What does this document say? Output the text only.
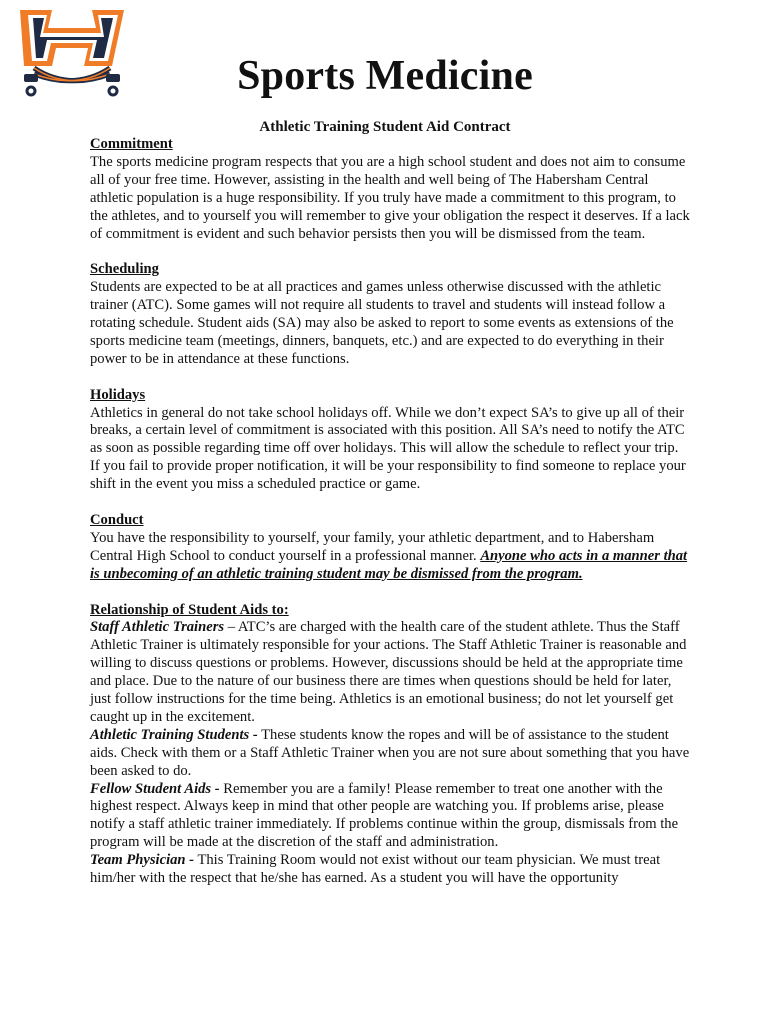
Sports Medicine
Athletic Training Student Aid Contract
Commitment

The sports medicine program respects that you are a high school student and does not aim to consume all of your free time. However, assisting in the health and well being of The Habersham Central athletic population is a huge responsibility. If you truly have made a commitment to this program, to the athletes, and to yourself you will remember to give your obligation the respect it deserves. If a lack of commitment is evident and such behavior persists then you will be dismissed from the team.

Scheduling

Students are expected to be at all practices and games unless otherwise discussed with the athletic trainer (ATC). Some games will not require all students to travel and students will instead follow a rotating schedule. Student aids (SA) may also be asked to report to some events as extensions of the sports medicine team (meetings, dinners, banquets, etc.) and are expected to do everything in their power to be in attendance at these functions.

Holidays

Athletics in general do not take school holidays off. While we don’t expect SA’s to give up all of their breaks, a certain level of commitment is associated with this position. All SA’s need to notify the ATC as soon as possible regarding time off over holidays. This will allow the schedule to reflect your trip. If you fail to provide proper notification, it will be your responsibility to find someone to replace your shift in the event you miss a scheduled practice or game.

Conduct

You have the responsibility to yourself, your family, your athletic department, and to Habersham Central High School to conduct yourself in a professional manner. Anyone who acts in a manner that is unbecoming of an athletic training student may be dismissed from the program.

Relationship of Student Aids to:

Staff Athletic Trainers – ATC’s are charged with the health care of the student athlete. Thus the Staff Athletic Trainer is ultimately responsible for your actions. The Staff Athletic Trainer is reasonable and willing to discuss questions or problems. However, discussions should be held at the appropriate time and place. Due to the nature of our business there are times when questions should be held for later, just follow instructions for the time being. Athletics is an emotional business; do not let yourself get caught up in the excitement.

Athletic Training Students - These students know the ropes and will be of assistance to the student aids. Check with them or a Staff Athletic Trainer when you are not sure about something that you have been asked to do.

Fellow Student Aids - Remember you are a family! Please remember to treat one another with the highest respect. Always keep in mind that other people are watching you. If problems arise, please notify a staff athletic trainer immediately. If problems continue within the group, dismissals from the program will be made at the discretion of the staff and administration.

Team Physician - This Training Room would not exist without our team physician. We must treat him/her with the respect that he/she has earned. As a student you will have the opportunity
